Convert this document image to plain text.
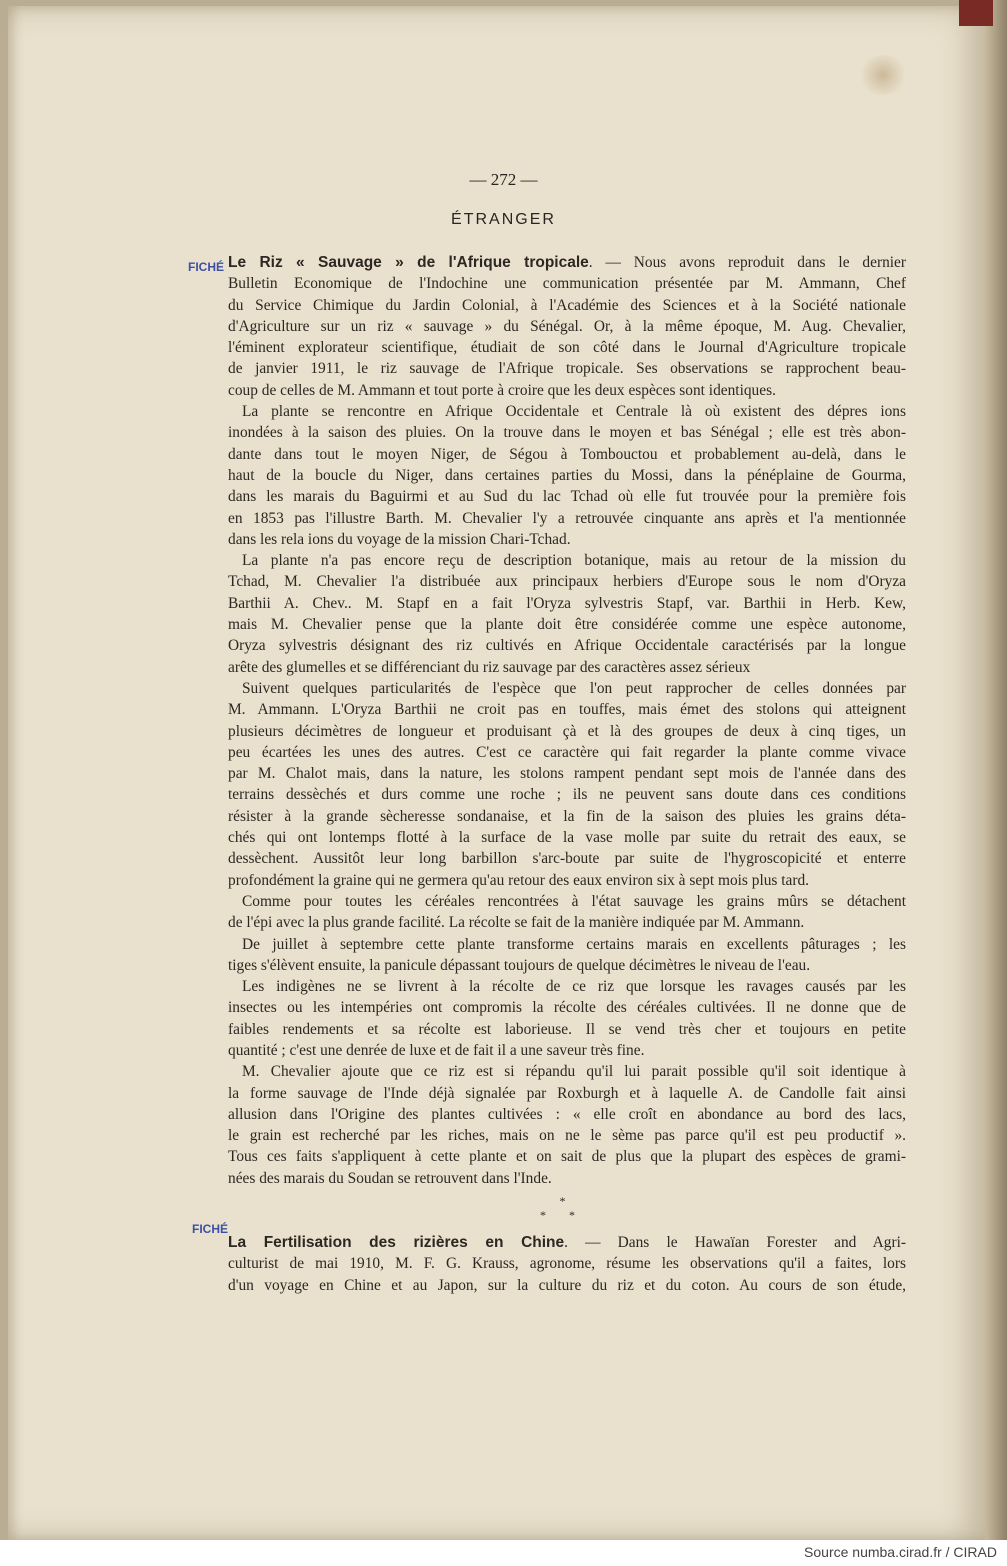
— 272 —
ÉTRANGER
FICHÉ
FICHÉ
Le Riz « Sauvage » de l'Afrique tropicale. — Nous avons reproduit dans le dernier
Bulletin Economique de l'Indochine une communication présentée par M. Ammann, Chef
du Service Chimique du Jardin Colonial, à l'Académie des Sciences et à la Société nationale
d'Agriculture sur un riz « sauvage » du Sénégal. Or, à la même époque, M. Aug. Chevalier,
l'éminent explorateur scientifique, étudiait de son côté dans le Journal d'Agriculture tropicale
de janvier 1911, le riz sauvage de l'Afrique tropicale. Ses observations se rapprochent beau-
coup de celles de M. Ammann et tout porte à croire que les deux espèces sont identiques.
La plante se rencontre en Afrique Occidentale et Centrale là où existent des dépres ions
inondées à la saison des pluies. On la trouve dans le moyen et bas Sénégal ; elle est très abon-
dante dans tout le moyen Niger, de Ségou à Tombouctou et probablement au-delà, dans le
haut de la boucle du Niger, dans certaines parties du Mossi, dans la pénéplaine de Gourma,
dans les marais du Baguirmi et au Sud du lac Tchad où elle fut trouvée pour la première fois
en 1853 pas l'illustre Barth. M. Chevalier l'y a retrouvée cinquante ans après et l'a mentionnée
dans les rela ions du voyage de la mission Chari-Tchad.
La plante n'a pas encore reçu de description botanique, mais au retour de la mission du
Tchad, M. Chevalier l'a distribuée aux principaux herbiers d'Europe sous le nom d'Oryza
Barthii A. Chev.. M. Stapf en a fait l'Oryza sylvestris Stapf, var. Barthii in Herb. Kew,
mais M. Chevalier pense que la plante doit être considérée comme une espèce autonome,
Oryza sylvestris désignant des riz cultivés en Afrique Occidentale caractérisés par la longue
arête des glumelles et se différenciant du riz sauvage par des caractères assez sérieux
Suivent quelques particularités de l'espèce que l'on peut rapprocher de celles données par
M. Ammann. L'Oryza Barthii ne croit pas en touffes, mais émet des stolons qui atteignent
plusieurs décimètres de longueur et produisant çà et là des groupes de deux à cinq tiges, un
peu écartées les unes des autres. C'est ce caractère qui fait regarder la plante comme vivace
par M. Chalot mais, dans la nature, les stolons rampent pendant sept mois de l'année dans des
terrains dessèchés et durs comme une roche ; ils ne peuvent sans doute dans ces conditions
résister à la grande sècheresse sondanaise, et la fin de la saison des pluies les grains déta-
chés qui ont lontemps flotté à la surface de la vase molle par suite du retrait des eaux, se
dessèchent. Aussitôt leur long barbillon s'arc-boute par suite de l'hygroscopicité et enterre
profondément la graine qui ne germera qu'au retour des eaux environ six à sept mois plus tard.
Comme pour toutes les céréales rencontrées à l'état sauvage les grains mûrs se détachent
de l'épi avec la plus grande facilité. La récolte se fait de la manière indiquée par M. Ammann.
De juillet à septembre cette plante transforme certains marais en excellents pâturages ; les
tiges s'élèvent ensuite, la panicule dépassant toujours de quelque décimètres le niveau de l'eau.
Les indigènes ne se livrent à la récolte de ce riz que lorsque les ravages causés par les
insectes ou les intempéries ont compromis la récolte des céréales cultivées. Il ne donne que de
faibles rendements et sa récolte est laborieuse. Il se vend très cher et toujours en petite
quantité ; c'est une denrée de luxe et de fait il a une saveur très fine.
M. Chevalier ajoute que ce riz est si répandu qu'il lui parait possible qu'il soit identique à
la forme sauvage de l'Inde déjà signalée par Roxburgh et à laquelle A. de Candolle fait ainsi
allusion dans l'Origine des plantes cultivées : « elle croît en abondance au bord des lacs,
le grain est recherché par les riches, mais on ne le sème pas parce qu'il est peu productif ».
Tous ces faits s'appliquent à cette plante et on sait de plus que la plupart des espèces de grami-
nées des marais du Soudan se retrouvent dans l'Inde.
*
* *
La Fertilisation des rizières en Chine. — Dans le Hawaïan Forester and Agri-
culturist de mai 1910, M. F. G. Krauss, agronome, résume les observations qu'il a faites, lors
d'un voyage en Chine et au Japon, sur la culture du riz et du coton. Au cours de son étude,
Source numba.cirad.fr / CIRAD
